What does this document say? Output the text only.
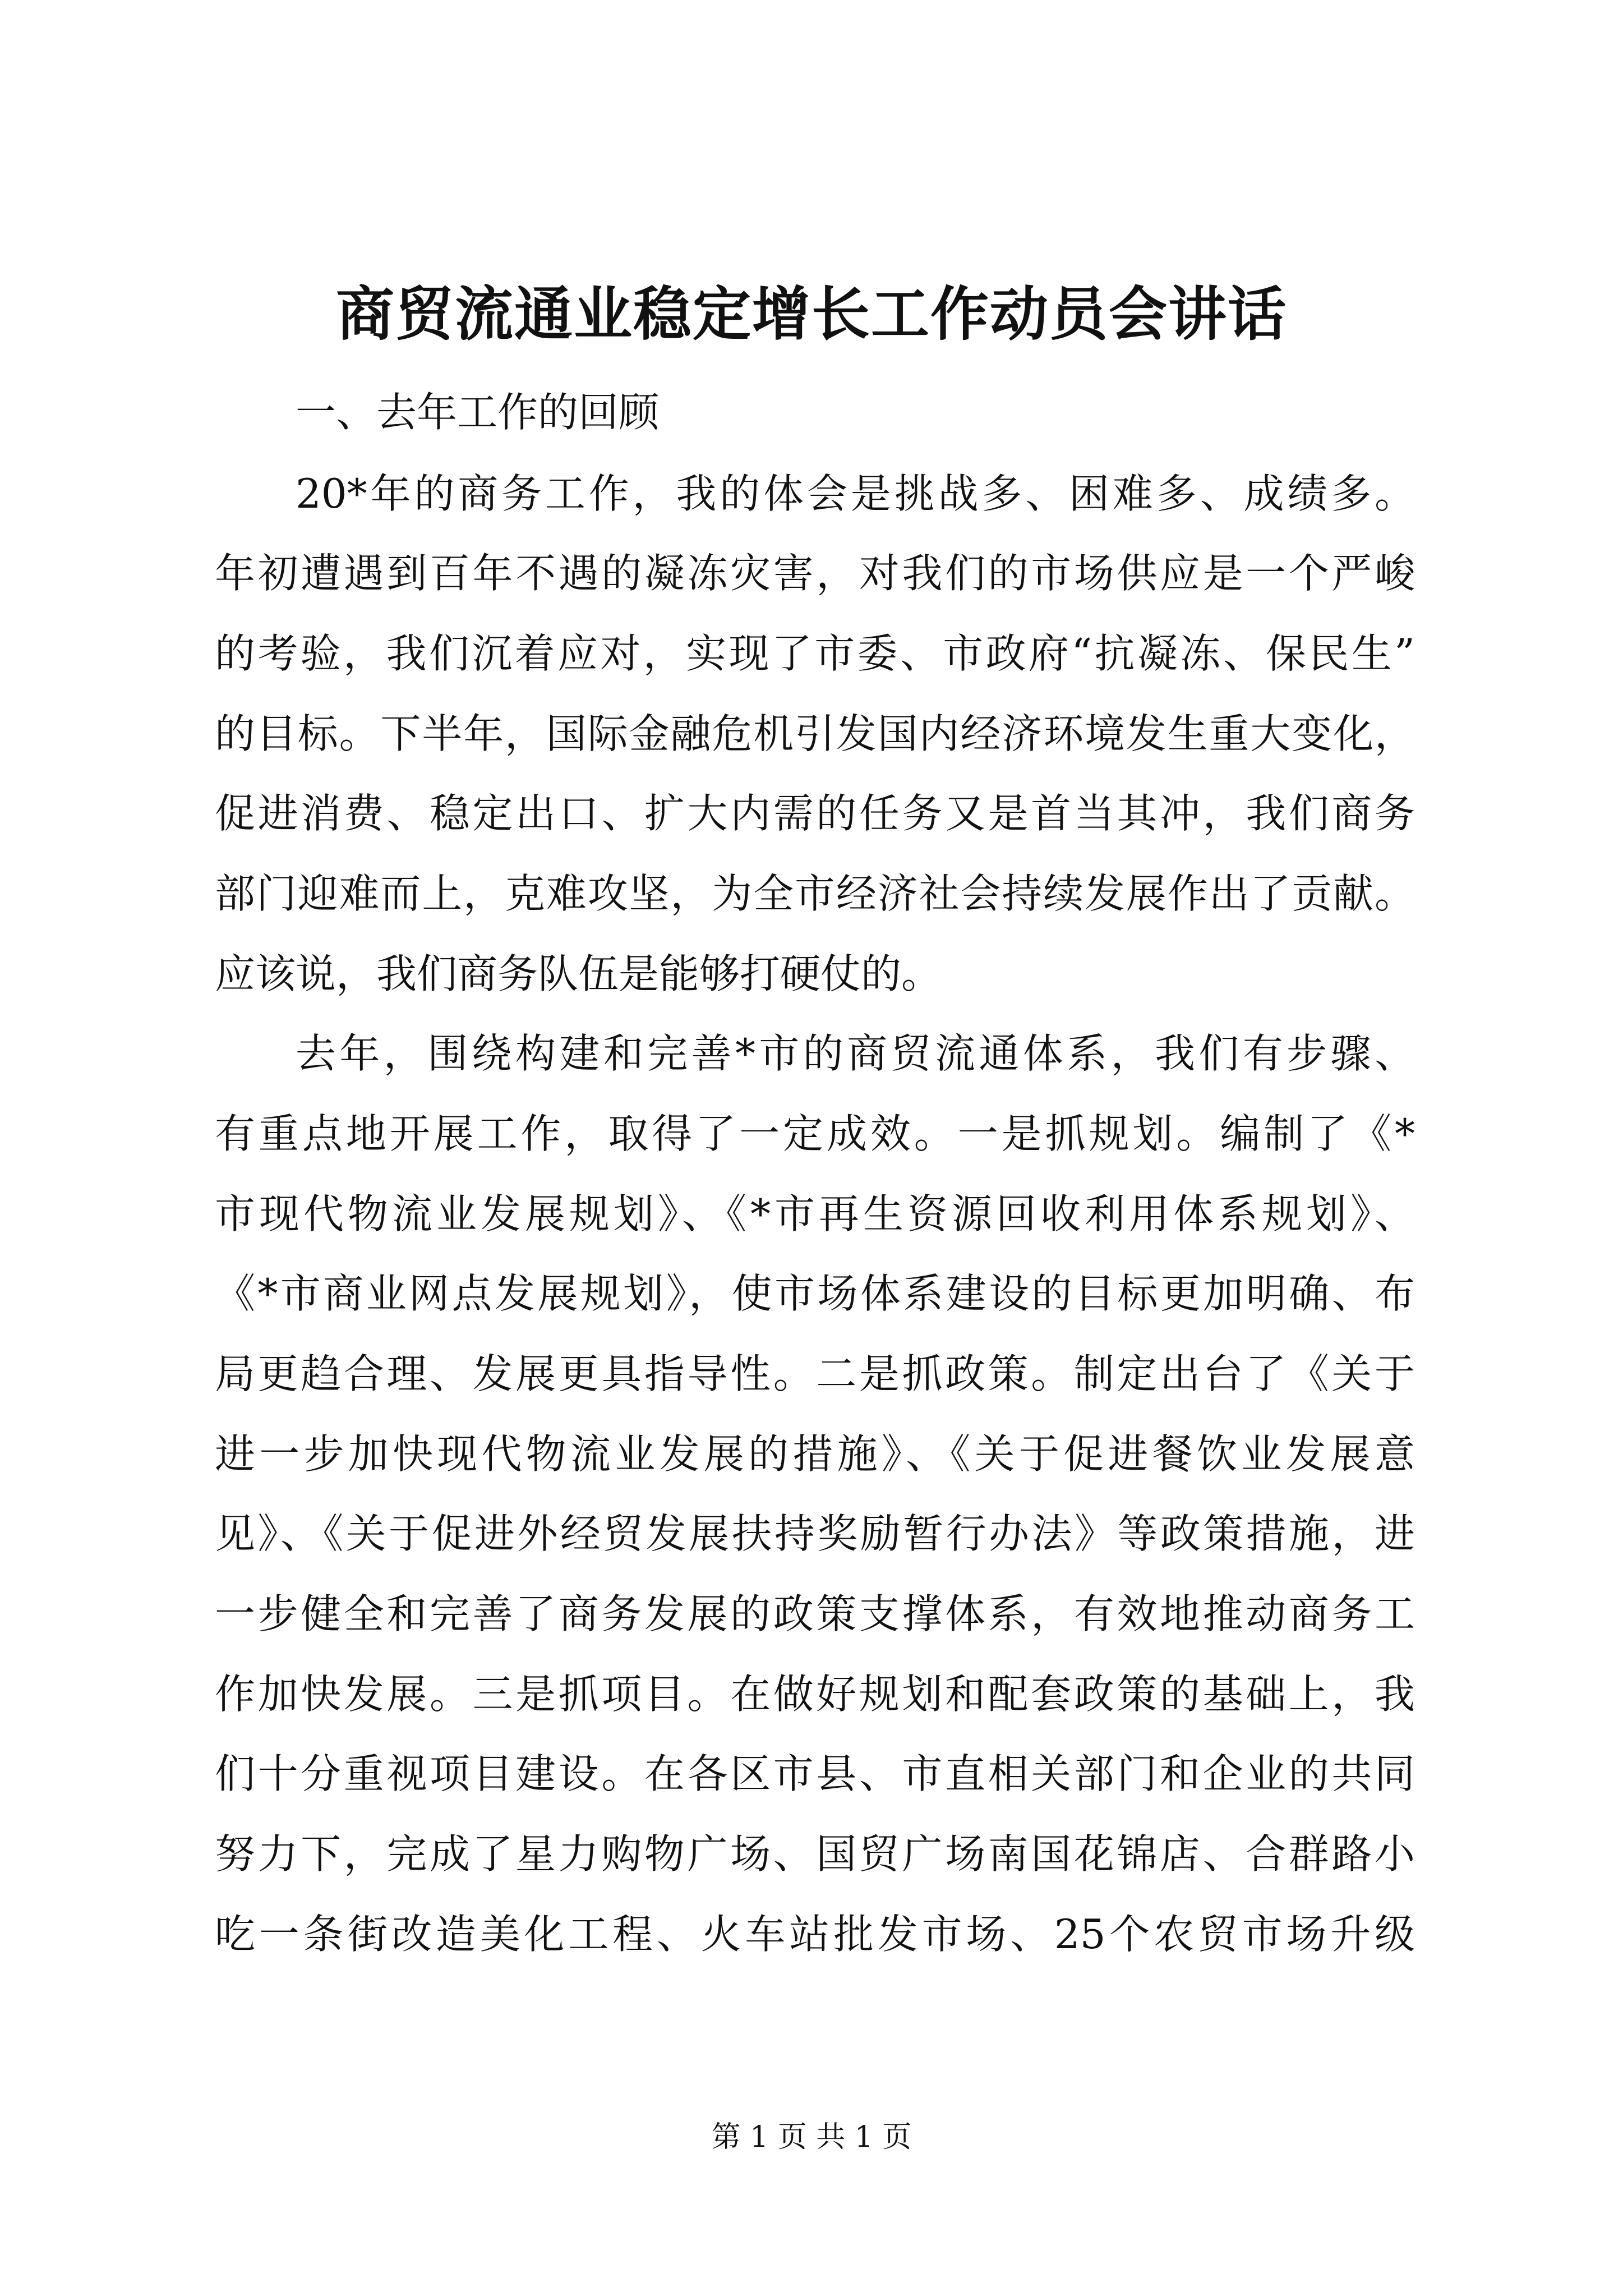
商贸流通业稳定增长工作动员会讲话
一、去年工作的回顾
20*年的商务工作，我的体会是挑战多、困难多、成绩多。
年初遭遇到百年不遇的凝冻灾害，对我们的市场供应是一个严峻
的考验，我们沉着应对，实现了市委、市政府“抗凝冻、保民生”
的目标。下半年，国际金融危机引发国内经济环境发生重大变化，
促进消费、稳定出口、扩大内需的任务又是首当其冲，我们商务
部门迎难而上，克难攻坚，为全市经济社会持续发展作出了贡献。
应该说，我们商务队伍是能够打硬仗的。
去年，围绕构建和完善*市的商贸流通体系，我们有步骤、
有重点地开展工作，取得了一定成效。一是抓规划。编制了《*
市现代物流业发展规划》、《*市再生资源回收利用体系规划》、
《*市商业网点发展规划》，使市场体系建设的目标更加明确、布
局更趋合理、发展更具指导性。二是抓政策。制定出台了《关于
进一步加快现代物流业发展的措施》、《关于促进餐饮业发展意
见》、《关于促进外经贸发展扶持奖励暂行办法》等政策措施，进
一步健全和完善了商务发展的政策支撑体系，有效地推动商务工
作加快发展。三是抓项目。在做好规划和配套政策的基础上，我
们十分重视项目建设。在各区市县、市直相关部门和企业的共同
努力下，完成了星力购物广场、国贸广场南国花锦店、合群路小
吃一条街改造美化工程、火车站批发市场、25个农贸市场升级
第 1 页 共 1 页
